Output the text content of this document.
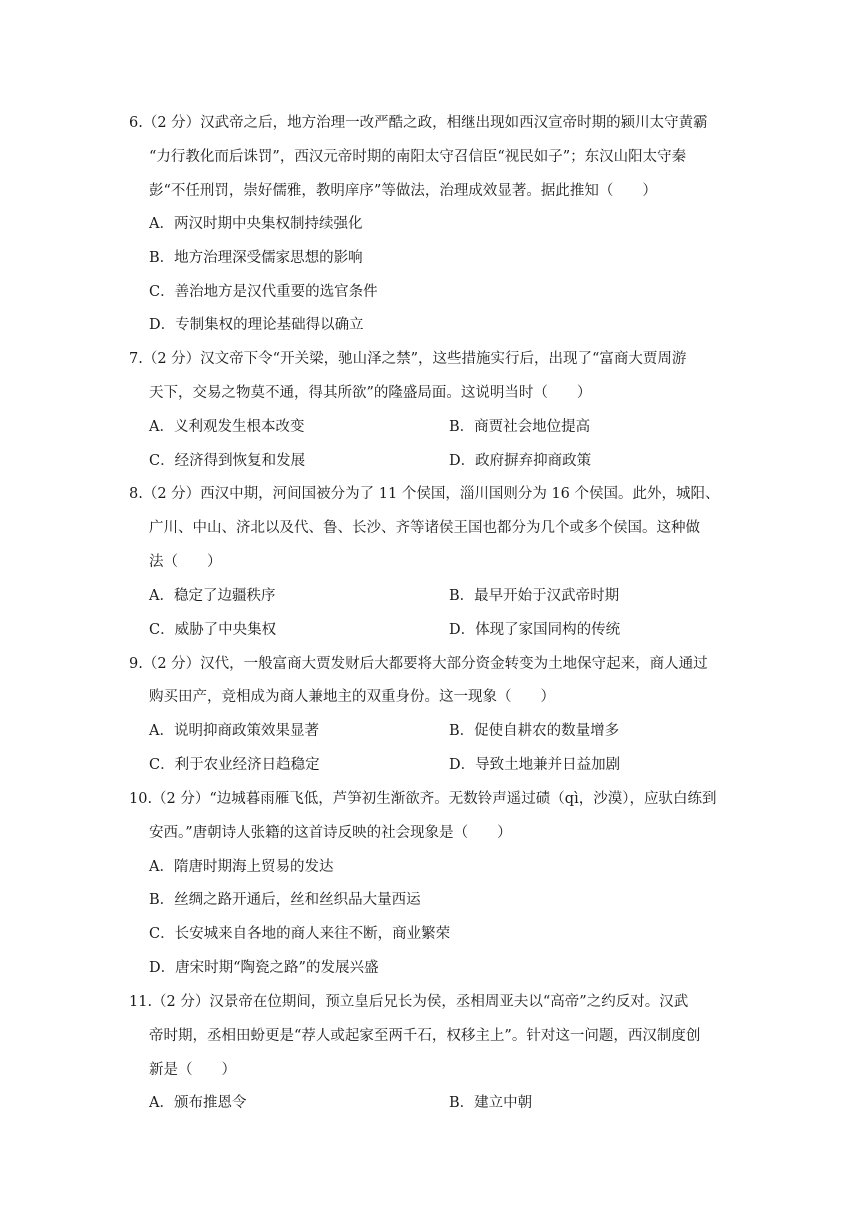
6.（2 分）汉武帝之后，地方治理一改严酷之政，相继出现如西汉宣帝时期的颍川太守黄霸
“力行教化而后诛罚”，西汉元帝时期的南阳太守召信臣“视民如子”；东汉山阳太守秦
彭“不任刑罚，崇好儒雅，教明庠序”等做法，治理成效显著。据此推知（　　）
A．两汉时期中央集权制持续强化
B．地方治理深受儒家思想的影响
C．善治地方是汉代重要的选官条件
D．专制集权的理论基础得以确立
7.（2 分）汉文帝下令“开关梁，驰山泽之禁”，这些措施实行后，出现了“富商大贾周游
天下，交易之物莫不通，得其所欲”的隆盛局面。这说明当时（　　）
A．义利观发生根本改变	B．商贾社会地位提高
C．经济得到恢复和发展	D．政府摒弃抑商政策
8.（2 分）西汉中期，河间国被分为了 11 个侯国，淄川国则分为 16 个侯国。此外，城阳、
广川、中山、济北以及代、鲁、长沙、齐等诸侯王国也都分为几个或多个侯国。这种做
法（　　）
A．稳定了边疆秩序	B．最早开始于汉武帝时期
C．威胁了中央集权	D．体现了家国同构的传统
9.（2 分）汉代，一般富商大贾发财后大都要将大部分资金转变为土地保守起来，商人通过
购买田产，竞相成为商人兼地主的双重身份。这一现象（　　）
A．说明抑商政策效果显著	B．促使自耕农的数量增多
C．利于农业经济日趋稳定	D．导致土地兼并日益加剧
10.（2 分）“边城暮雨雁飞低，芦笋初生渐欲齐。无数铃声遥过碛（qì，沙漠），应驮白练到
安西。”唐朝诗人张籍的这首诗反映的社会现象是（　　）
A．隋唐时期海上贸易的发达
B．丝绸之路开通后，丝和丝织品大量西运
C．长安城来自各地的商人来往不断，商业繁荣
D．唐宋时期“陶瓷之路”的发展兴盛
11.（2 分）汉景帝在位期间，预立皇后兄长为侯，丞相周亚夫以“高帝”之约反对。汉武
帝时期，丞相田蚡更是“荐人或起家至两千石，权移主上”。针对这一问题，西汉制度创
新是（　　）
A．颁布推恩令	B．建立中朝
